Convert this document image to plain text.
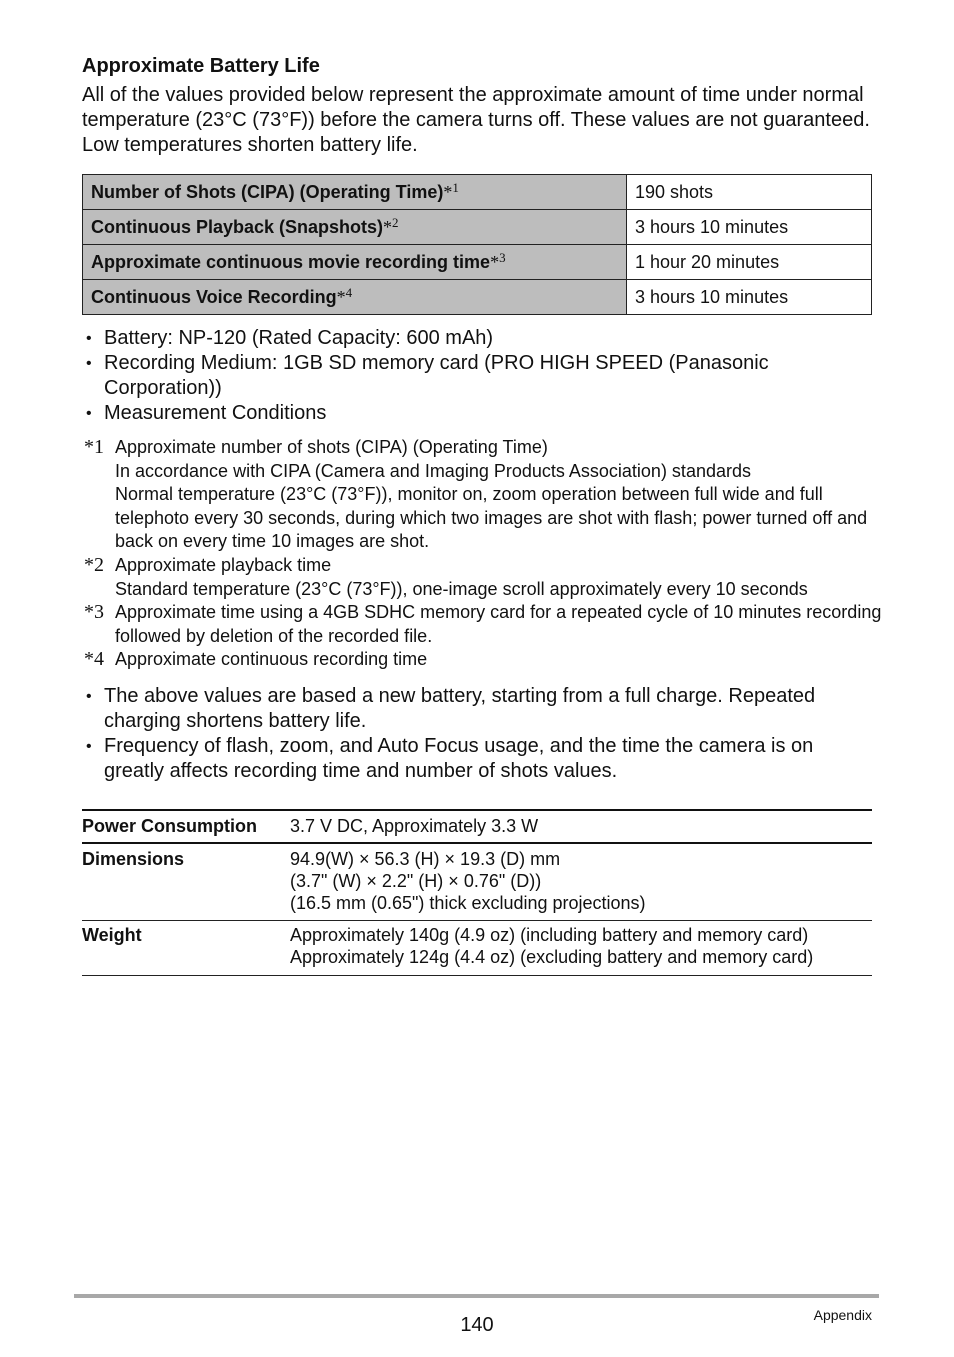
Approximate Battery Life

All of the values provided below represent the approximate amount of time under normal temperature (23°C (73°F)) before the camera turns off. These values are not guaranteed. Low temperatures shorten battery life.

Number of Shots (CIPA) (Operating Time)*$^1$	190 shots
Continuous Playback (Snapshots)*$^2$	3 hours 10 minutes
Approximate continuous movie recording time*$^3$	1 hour 20 minutes
Continuous Voice Recording*$^4$	3 hours 10 minutes
• Battery: NP-120 (Rated Capacity: 600 mAh)
• Recording Medium: 1GB SD memory card (PRO HIGH SPEED (Panasonic Corporation))
• Measurement Conditions
*1 Approximate number of shots (CIPA) (Operating Time)
In accordance with CIPA (Camera and Imaging Products Association) standards
Normal temperature (23°C (73°F)), monitor on, zoom operation between full wide and full telephoto every 30 seconds, during which two images are shot with flash; power turned off and back on every time 10 images are shot.
*2 Approximate playback time
Standard temperature (23°C (73°F)), one-image scroll approximately every 10 seconds
*3 Approximate time using a 4GB SDHC memory card for a repeated cycle of 10 minutes recording followed by deletion of the recorded file.
*4 Approximate continuous recording time
• The above values are based a new battery, starting from a full charge. Repeated charging shortens battery life.
• Frequency of flash, zoom, and Auto Focus usage, and the time the camera is on greatly affects recording time and number of shots values.
Power Consumption	3.7 V DC, Approximately 3.3 W

Dimensions	94.9(W) × 56.3 (H) × 19.3 (D) mm
(3.7" (W) × 2.2" (H) × 0.76" (D))
(16.5 mm (0.65") thick excluding projections)

Weight	Approximately 140g (4.9 oz) (including battery and memory card)
Approximately 124g (4.4 oz) (excluding battery and memory card)
140	Appendix
